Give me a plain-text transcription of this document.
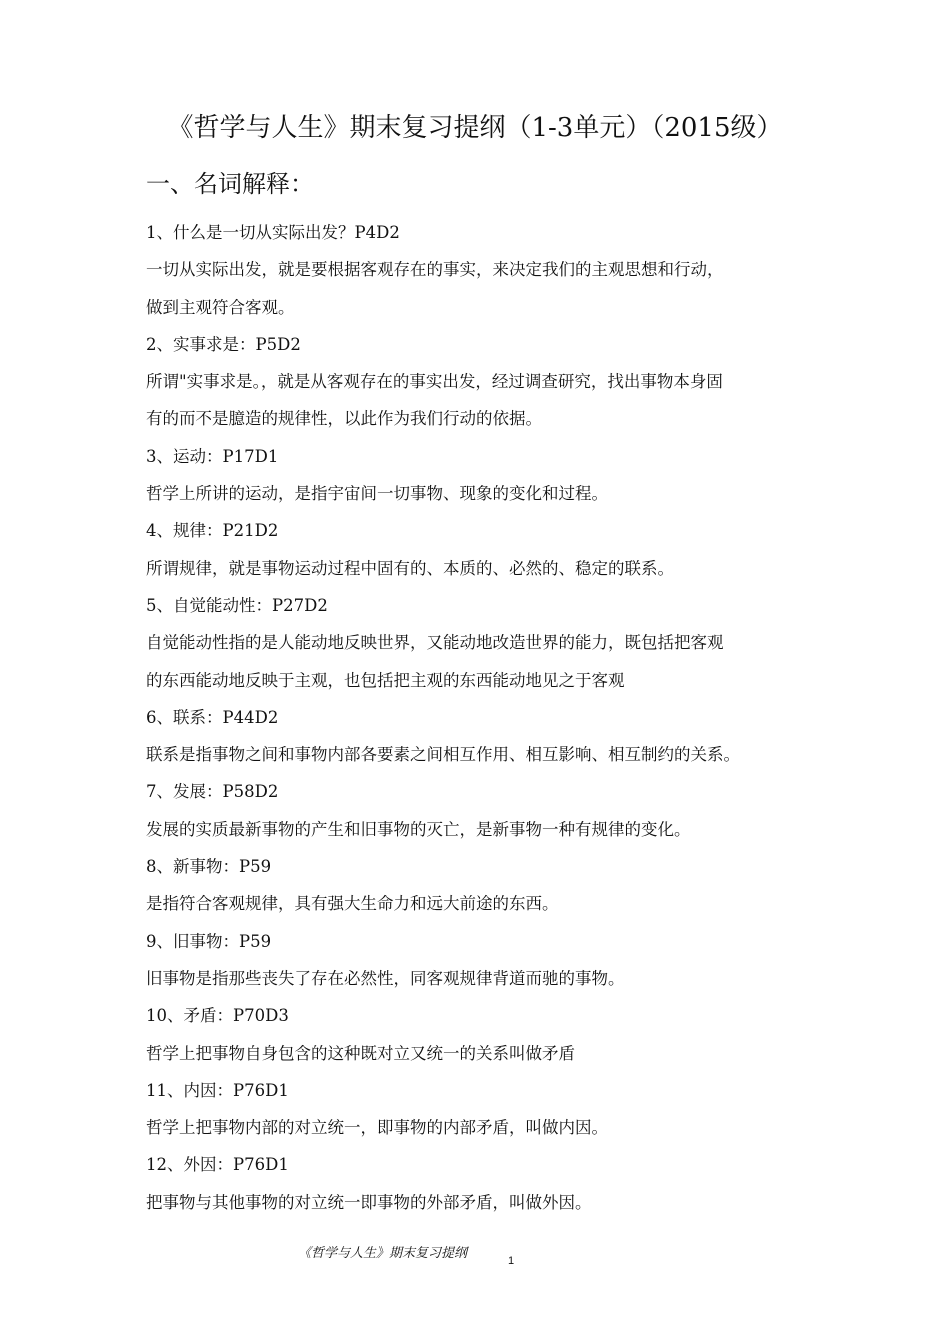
《哲学与人生》期末复习提纲（1-3单元）（2015级）
一、名词解释：
1、什么是一切从实际出发？P4D2
一切从实际出发，就是要根据客观存在的事实，来决定我们的主观思想和行动，
做到主观符合客观。
2、实事求是：P5D2
所谓"实事求是。，就是从客观存在的事实出发，经过调查研究，找出事物本身固
有的而不是臆造的规律性，以此作为我们行动的依据。
3、运动：P17D1
哲学上所讲的运动，是指宇宙间一切事物、现象的变化和过程。
4、规律：P21D2
所谓规律，就是事物运动过程中固有的、本质的、必然的、稳定的联系。
5、自觉能动性：P27D2
自觉能动性指的是人能动地反映世界，又能动地改造世界的能力，既包括把客观
的东西能动地反映于主观，也包括把主观的东西能动地见之于客观
6、联系：P44D2
联系是指事物之间和事物内部各要素之间相互作用、相互影响、相互制约的关系。
7、发展：P58D2
发展的实质最新事物的产生和旧事物的灭亡，是新事物一种有规律的变化。
8、新事物：P59
是指符合客观规律，具有强大生命力和远大前途的东西。
9、旧事物：P59
旧事物是指那些丧失了存在必然性，同客观规律背道而驰的事物。
10、矛盾：P70D3
哲学上把事物自身包含的这种既对立又统一的关系叫做矛盾
11、内因：P76D1
哲学上把事物内部的对立统一，即事物的内部矛盾，叫做内因。
12、外因：P76D1
把事物与其他事物的对立统一即事物的外部矛盾，叫做外因。
《哲学与人生》期末复习提纲	1
